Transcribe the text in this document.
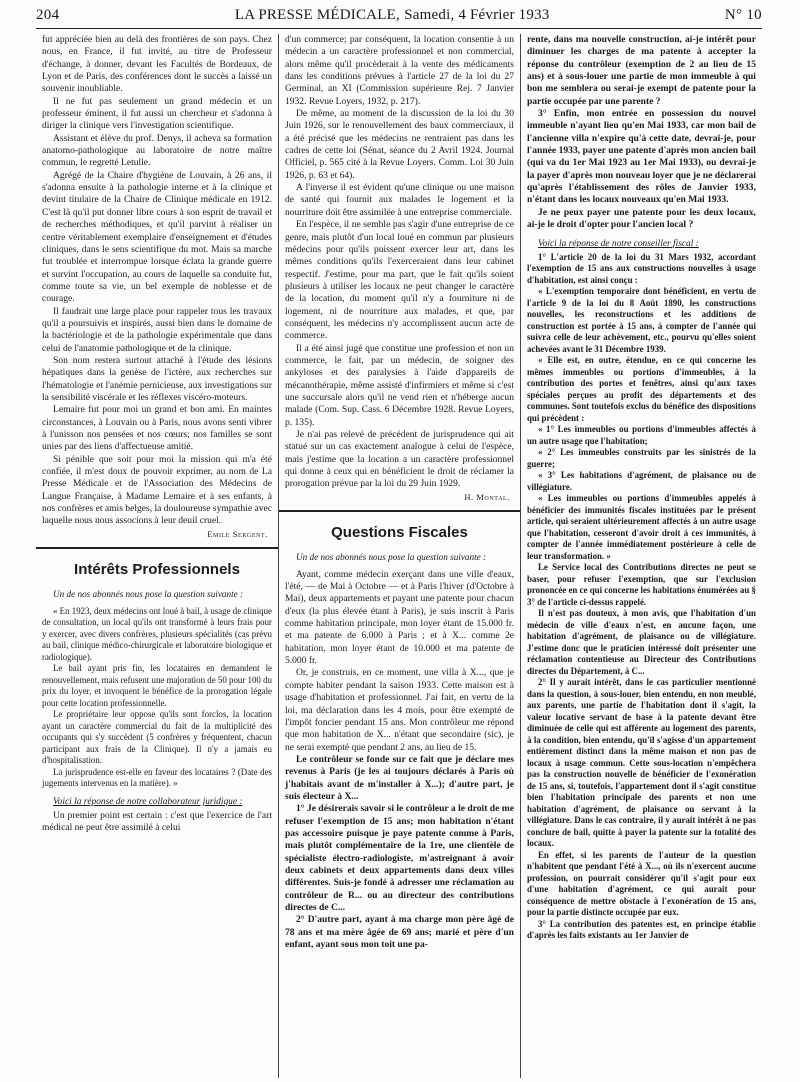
204	LA PRESSE MÉDICALE, Samedi, 4 Février 1933	N° 10

fut appréciée bien au delà des frontières de son pays. Chez nous, en France, il fut invité, au titre de Professeur d'échange, à donner, devant les Facultés de Bordeaux, de Lyon et de Paris, des conférences dont le succès a laissé un souvenir inoubliable.

Il ne fut pas seulement un grand médecin et un professeur éminent, il fut aussi un chercheur et s'adonna à diriger la clinique vers l'investigation scientifique.

Assistant et élève du prof. Denys, il acheva sa formation anatomo-pathologique au laboratoire de notre maître commun, le regretté Letulle.

Agrégé de la Chaire d'hygiène de Louvain, à 26 ans, il s'adonna ensuite à la pathologie interne et à la clinique et devint titulaire de la Chaire de Clinique médicale en 1912. C'est là qu'il put donner libre cours à son esprit de travail et de recherches méthodiques, et qu'il parvint à réaliser un centre véritablement exemplaire d'enseignement et d'études cliniques, dans le sens scientifique du mot. Mais sa marche fut troublée et interrompue lorsque éclata la grande guerre et survint l'occupation, au cours de laquelle sa conduite fut, comme toute sa vie, un bel exemple de noblesse et de courage.

Il faudrait une large place pour rappeler tous les travaux qu'il a poursuivis et inspirés, aussi bien dans le domaine de la bactériologie et de la pathologie expérimentale que dans celui de l'anatomie pathologique et de la clinique.

Son nom restera surtout attaché à l'étude des lésions hépatiques dans la genèse de l'ictère, aux recherches sur l'hématologie et l'anémie pernicieuse, aux investigations sur la sensibilité viscérale et les réflexes viscéro-moteurs.

Lemaire fut pour moi un grand et bon ami. En maintes circonstances, à Louvain ou à Paris, nous avons senti vibrer à l'unisson nos pensées et nos cœurs; nos familles se sont unies par des liens d'affectueuse amitié.

Si pénible que soit pour moi la mission qui m'a été confiée, il m'est doux de pouvoir exprimer, au nom de La Presse Médicale et de l'Association des Médecins de Langue Française, à Madame Lemaire et à ses enfants, à nos confrères et amis belges, la douloureuse sympathie avec laquelle nous nous associons à leur deuil cruel.

Emile Sergent.
Intérêts Professionnels

Un de nos abonnés nous pose la question suivante :

« En 1923, deux médecins ont loué à bail, à usage de clinique de consultation, un local qu'ils ont transformé à leurs frais pour y exercer, avec divers confrères, plusieurs spécialités (cas prévu au bail, clinique médico-chirurgicale et laboratoire biologique et radiologique).

Le bail ayant pris fin, les locataires en demandent le renouvellement, mais refusent une majoration de 50 pour 100 du prix du loyer, et invoquent le bénéfice de la prorogation légale pour cette location professionnelle.

Le propriétaire leur oppose qu'ils sont forclos, la location ayant un caractère commercial du fait de la multiplicité des occupants qui s'y succèdent (5 confrères y fréquentent, chacun participant aux frais de la Clinique). Il n'y a jamais eu d'hospitalisation.

La jurisprudence est-elle en faveur des locataires ? (Date des jugements intervenus en la matière). »

Voici la réponse de notre collaborateur juridique :

Un premier point est certain : c'est que l'exercice de l'art médical ne peut être assimilé à celui

d'un commerce; par conséquent, la location consentie à un médecin a un caractère professionnel et non commercial, alors même qu'il procèderait à la vente des médicaments dans les conditions prévues à l'article 27 de la loi du 27 Germinal, an XI (Commission supérieure Rej. 7 Janvier 1932. Revue Loyers, 1932, p. 217).

De même, au moment de la discussion de la loi du 30 Juin 1926, sur le renouvellement des baux commerciaux, il a été précisé que les médecins ne rentraient pas dans les cadres de cette loi (Sénat, séance du 2 Avril 1924. Journal Officiel, p. 565 cité à la Revue Loyers. Comm. Loi 30 Juin 1926, p. 63 et 64).

A l'inverse il est évident qu'une clinique ou une maison de santé qui fournit aux malades le logement et la nourriture doit être assimilée à une entreprise commerciale.

En l'espèce, il ne semble pas s'agir d'une entreprise de ce genre, mais plutôt d'un local loué en commun par plusieurs médecins pour qu'ils puissent exercer leur art, dans les mêmes conditions qu'ils l'exerceraient dans leur cabinet respectif. J'estime, pour ma part, que le fait qu'ils soient plusieurs à utiliser les locaux ne peut changer le caractère de la location, du moment qu'il n'y a fourniture ni de logement, ni de nourriture aux malades, et que, par conséquent, les médecins n'y accomplissent aucun acte de commerce.

Il a été ainsi jugé que constitue une profession et non un commerce, le fait, par un médecin, de soigner des ankyloses et des paralysies à l'aide d'appareils de mécanothérapie, même assisté d'infirmiers et même si c'est une succursale alors qu'il ne vend rien et n'héberge aucun malade (Com. Sup. Cass. 6 Décembre 1928. Revue Loyers, p. 135).

Je n'ai pas relevé de précédent de jurisprudence qui ait statué sur un cas exactement analogue à celui de l'espèce, mais j'estime que la location a un caractère professionnel qui donne à ceux qui en bénéficient le droit de réclamer la prorogation prévue par la loi du 29 Juin 1929.

H. Montal.
Questions Fiscales

Un de nos abonnés nous pose la question suivante :

Ayant, comme médecin exerçant dans une ville d'eaux, l'été, — de Mai à Octobre — et à Paris l'hiver (d'Octobre à Mai), deux appartements et payant une patente pour chacun d'eux (la plus élevée étant à Paris), je suis inscrit à Paris comme habitation principale, mon loyer étant de 15.000 fr. et ma patente de 6.000 à Paris ; et à X... comme 2e habitation, mon loyer étant de 10.000 et ma patente de 5.000 fr.

Or, je construis, en ce moment, une villa à X..., que je compte habiter pendant la saison 1933. Cette maison est à usage d'habitation et professionnel. J'ai fait, en vertu de la loi, ma déclaration dans les 4 mois, pour être exempté de l'impôt foncier pendant 15 ans. Mon contrôleur me répond que mon habitation de X... n'étant que secondaire (sic), je ne serai exempté que pendant 2 ans, au lieu de 15.

Le contrôleur se fonde sur ce fait que je déclare mes revenus à Paris (je les ai toujours déclarés à Paris où j'habitais avant de m'installer à X...); d'autre part, je suis électeur à X...

1° Je désirerais savoir si le contrôleur a le droit de me refuser l'exemption de 15 ans; mon habitation n'étant pas accessoire puisque je paye patente comme à Paris, mais plutôt complémentaire de la 1re, une clientèle de spécialiste électro-radiologiste, m'astreignant à avoir deux cabinets et deux appartements dans deux villes différentes. Suis-je fondé à adresser une réclamation au contrôleur de R... ou au directeur des contributions directes de C...

2° D'autre part, ayant à ma charge mon père âgé de 78 ans et ma mère âgée de 69 ans; marié et père d'un enfant, ayant sous mon toit une pa-

rente, dans ma nouvelle construction, ai-je intérêt pour diminuer les charges de ma patente à accepter la réponse du contrôleur (exemption de 2 au lieu de 15 ans) et à sous-louer une partie de mon immeuble à qui bon me semblera ou serai-je exempt de patente pour la partie occupée par une parente ?

3° Enfin, mon entrée en possession du nouvel immeuble n'ayant lieu qu'en Mai 1933, car mon bail de l'ancienne villa n'expire qu'à cette date, devrai-je, pour l'année 1933, payer une patente d'après mon ancien bail (qui va du 1er Mai 1923 au 1er Mai 1933), ou devrai-je la payer d'après mon nouveau loyer que je ne déclarerai qu'après l'établissement des rôles de Janvier 1933, n'étant dans les locaux nouveaux qu'en Mai 1933.

Je ne peux payer une patente pour les deux locaux, ai-je le droit d'opter pour l'ancien local ?

Voici la réponse de notre conseiller fiscal :

1° L'article 20 de la loi du 31 Mars 1932, accordant l'exemption de 15 ans aux constructions nouvelles à usage d'habitation, est ainsi conçu :

« L'exemption temporaire dont bénéficient, en vertu de l'article 9 de la loi du 8 Août 1890, les constructions nouvelles, les reconstructions et les additions de construction est portée à 15 ans, à compter de l'année qui suivra celle de leur achèvement, etc., pourvu qu'elles soient achevées avant le 31 Décembre 1939.

« Elle est, en outre, étendue, en ce qui concerne les mêmes immeubles ou portions d'immeubles, à la contribution des portes et fenêtres, ainsi qu'aux taxes spéciales perçues au profit des départements et des communes. Sont toutefois exclus du bénéfice des dispositions qui précèdent :

« 1° Les immeubles ou portions d'immeubles affectés à un autre usage que l'habitation;

« 2° Les immeubles construits par les sinistrés de la guerre;

« 3° Les habitations d'agrément, de plaisance ou de villégiature.

« Les immeubles ou portions d'immeubles appelés à bénéficier des immunités fiscales instituées par le présent article, qui seraient ultérieurement affectés à un autre usage que l'habitation, cesseront d'avoir droit à ces immunités, à compter de l'année immédiatement postérieure à celle de leur transformation. »

Le Service local des Contributions directes ne peut se baser, pour refuser l'exemption, que sur l'exclusion prononcée en ce qui concerne les habitations énumérées au § 3° de l'article ci-dessus rappelé.

Il n'est pas douteux, à mon avis, que l'habitation d'un médecin de ville d'eaux n'est, en aucune façon, une habitation d'agrément, de plaisance ou de villégiature. J'estime donc que le praticien intéressé doit présenter une réclamation contentieuse au Directeur des Contributions directes du Département, à C...

2° Il y aurait intérêt, dans le cas particulier mentionné dans la question, à sous-louer, bien entendu, en non meublé, aux parents, une partie de l'habitation dont il s'agit, la valeur locative servant de base à la patente devant être diminuée de celle qui est afférente au logement des parents, à la condition, bien entendu, qu'il s'agisse d'un appartement entièrement distinct dans la même maison et non pas de locaux à usage commun. Cette sous-location n'empêchera pas la construction nouvelle de bénéficier de l'exonération de 15 ans, si, toutefois, l'appartement dont il s'agit constitue bien l'habitation principale des parents et non une habitation d'agrément, de plaisance ou servant à la villégiature. Dans le cas contraire, il y aurait intérêt à ne pas conclure de bail, quitte à payer la patente sur la totalité des locaux.

En effet, si les parents de l'auteur de la question n'habitent que pendant l'été à X..., où ils n'exercent aucune profession, on pourrait considérer qu'il s'agit pour eux d'une habitation d'agrément, ce qui aurait pour conséquence de mettre obstacle à l'exonération de 15 ans, pour la partie distincte occupée par eux.

3° La contribution des patentes est, en principe établie d'après les faits existants au 1er Janvier de
